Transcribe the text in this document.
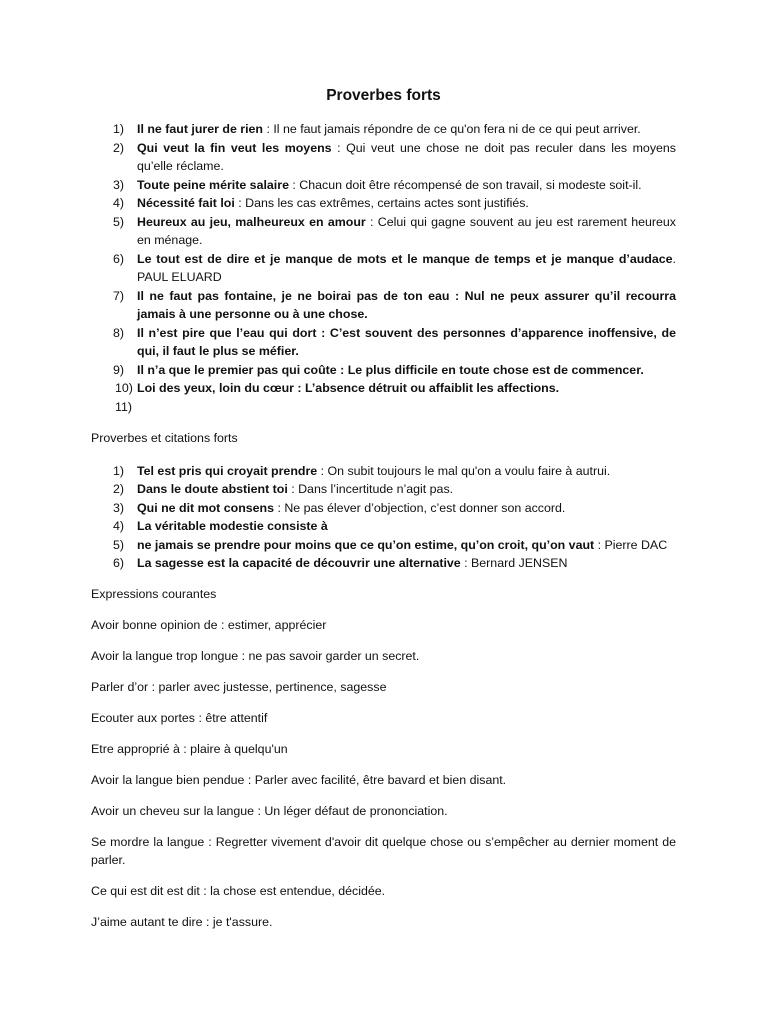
Proverbes forts
1) Il ne faut jurer de rien : Il ne faut jamais répondre de ce qu'on fera ni de ce qui peut arriver.
2) Qui veut la fin veut les moyens : Qui veut une chose ne doit pas reculer dans les moyens qu’elle réclame.
3) Toute peine mérite salaire : Chacun doit être récompensé de son travail, si modeste soit-il.
4) Nécessité fait loi : Dans les cas extrêmes, certains actes sont justifiés.
5) Heureux au jeu, malheureux en amour : Celui qui gagne souvent au jeu est rarement heureux en ménage.
6) Le tout est de dire et je manque de mots et le manque de temps et je manque d’audace. PAUL ELUARD
7) Il ne faut pas fontaine, je ne boirai pas de ton eau : Nul ne peux assurer qu’il recourra jamais à une personne ou à une chose.
8) Il n’est pire que l’eau qui dort : C’est souvent des personnes d’apparence inoffensive, de qui, il faut le plus se méfier.
9) Il n’a que le premier pas qui coûte : Le plus difficile en toute chose est de commencer.
10) Loi des yeux, loin du cœur : L’absence détruit ou affaiblit les affections.
11)
Proverbes et citations forts
1) Tel est pris qui croyait prendre : On subit toujours le mal qu'on a voulu faire à autrui.
2) Dans le doute abstient toi : Dans l’incertitude n’agit pas.
3) Qui ne dit mot consens : Ne pas élever d’objection, c’est donner son accord.
4) La véritable modestie consiste à
5) ne jamais se prendre pour moins que ce qu’on estime, qu’on croit, qu’on vaut : Pierre DAC
6) La sagesse est la capacité de découvrir une alternative : Bernard JENSEN
Expressions courantes
Avoir bonne opinion de : estimer, apprécier
Avoir la langue trop longue : ne pas savoir garder un secret.
Parler d’or : parler avec justesse, pertinence, sagesse
Ecouter aux portes : être attentif
Etre approprié à : plaire à quelqu'un
Avoir la langue bien pendue : Parler avec facilité, être bavard et bien disant.
Avoir un cheveu sur la langue : Un léger défaut de prononciation.
Se mordre la langue : Regretter vivement d'avoir dit quelque chose ou s’empêcher au dernier moment de parler.
Ce qui est dit est dit : la chose est entendue, décidée.
J’aime autant te dire : je t'assure.
